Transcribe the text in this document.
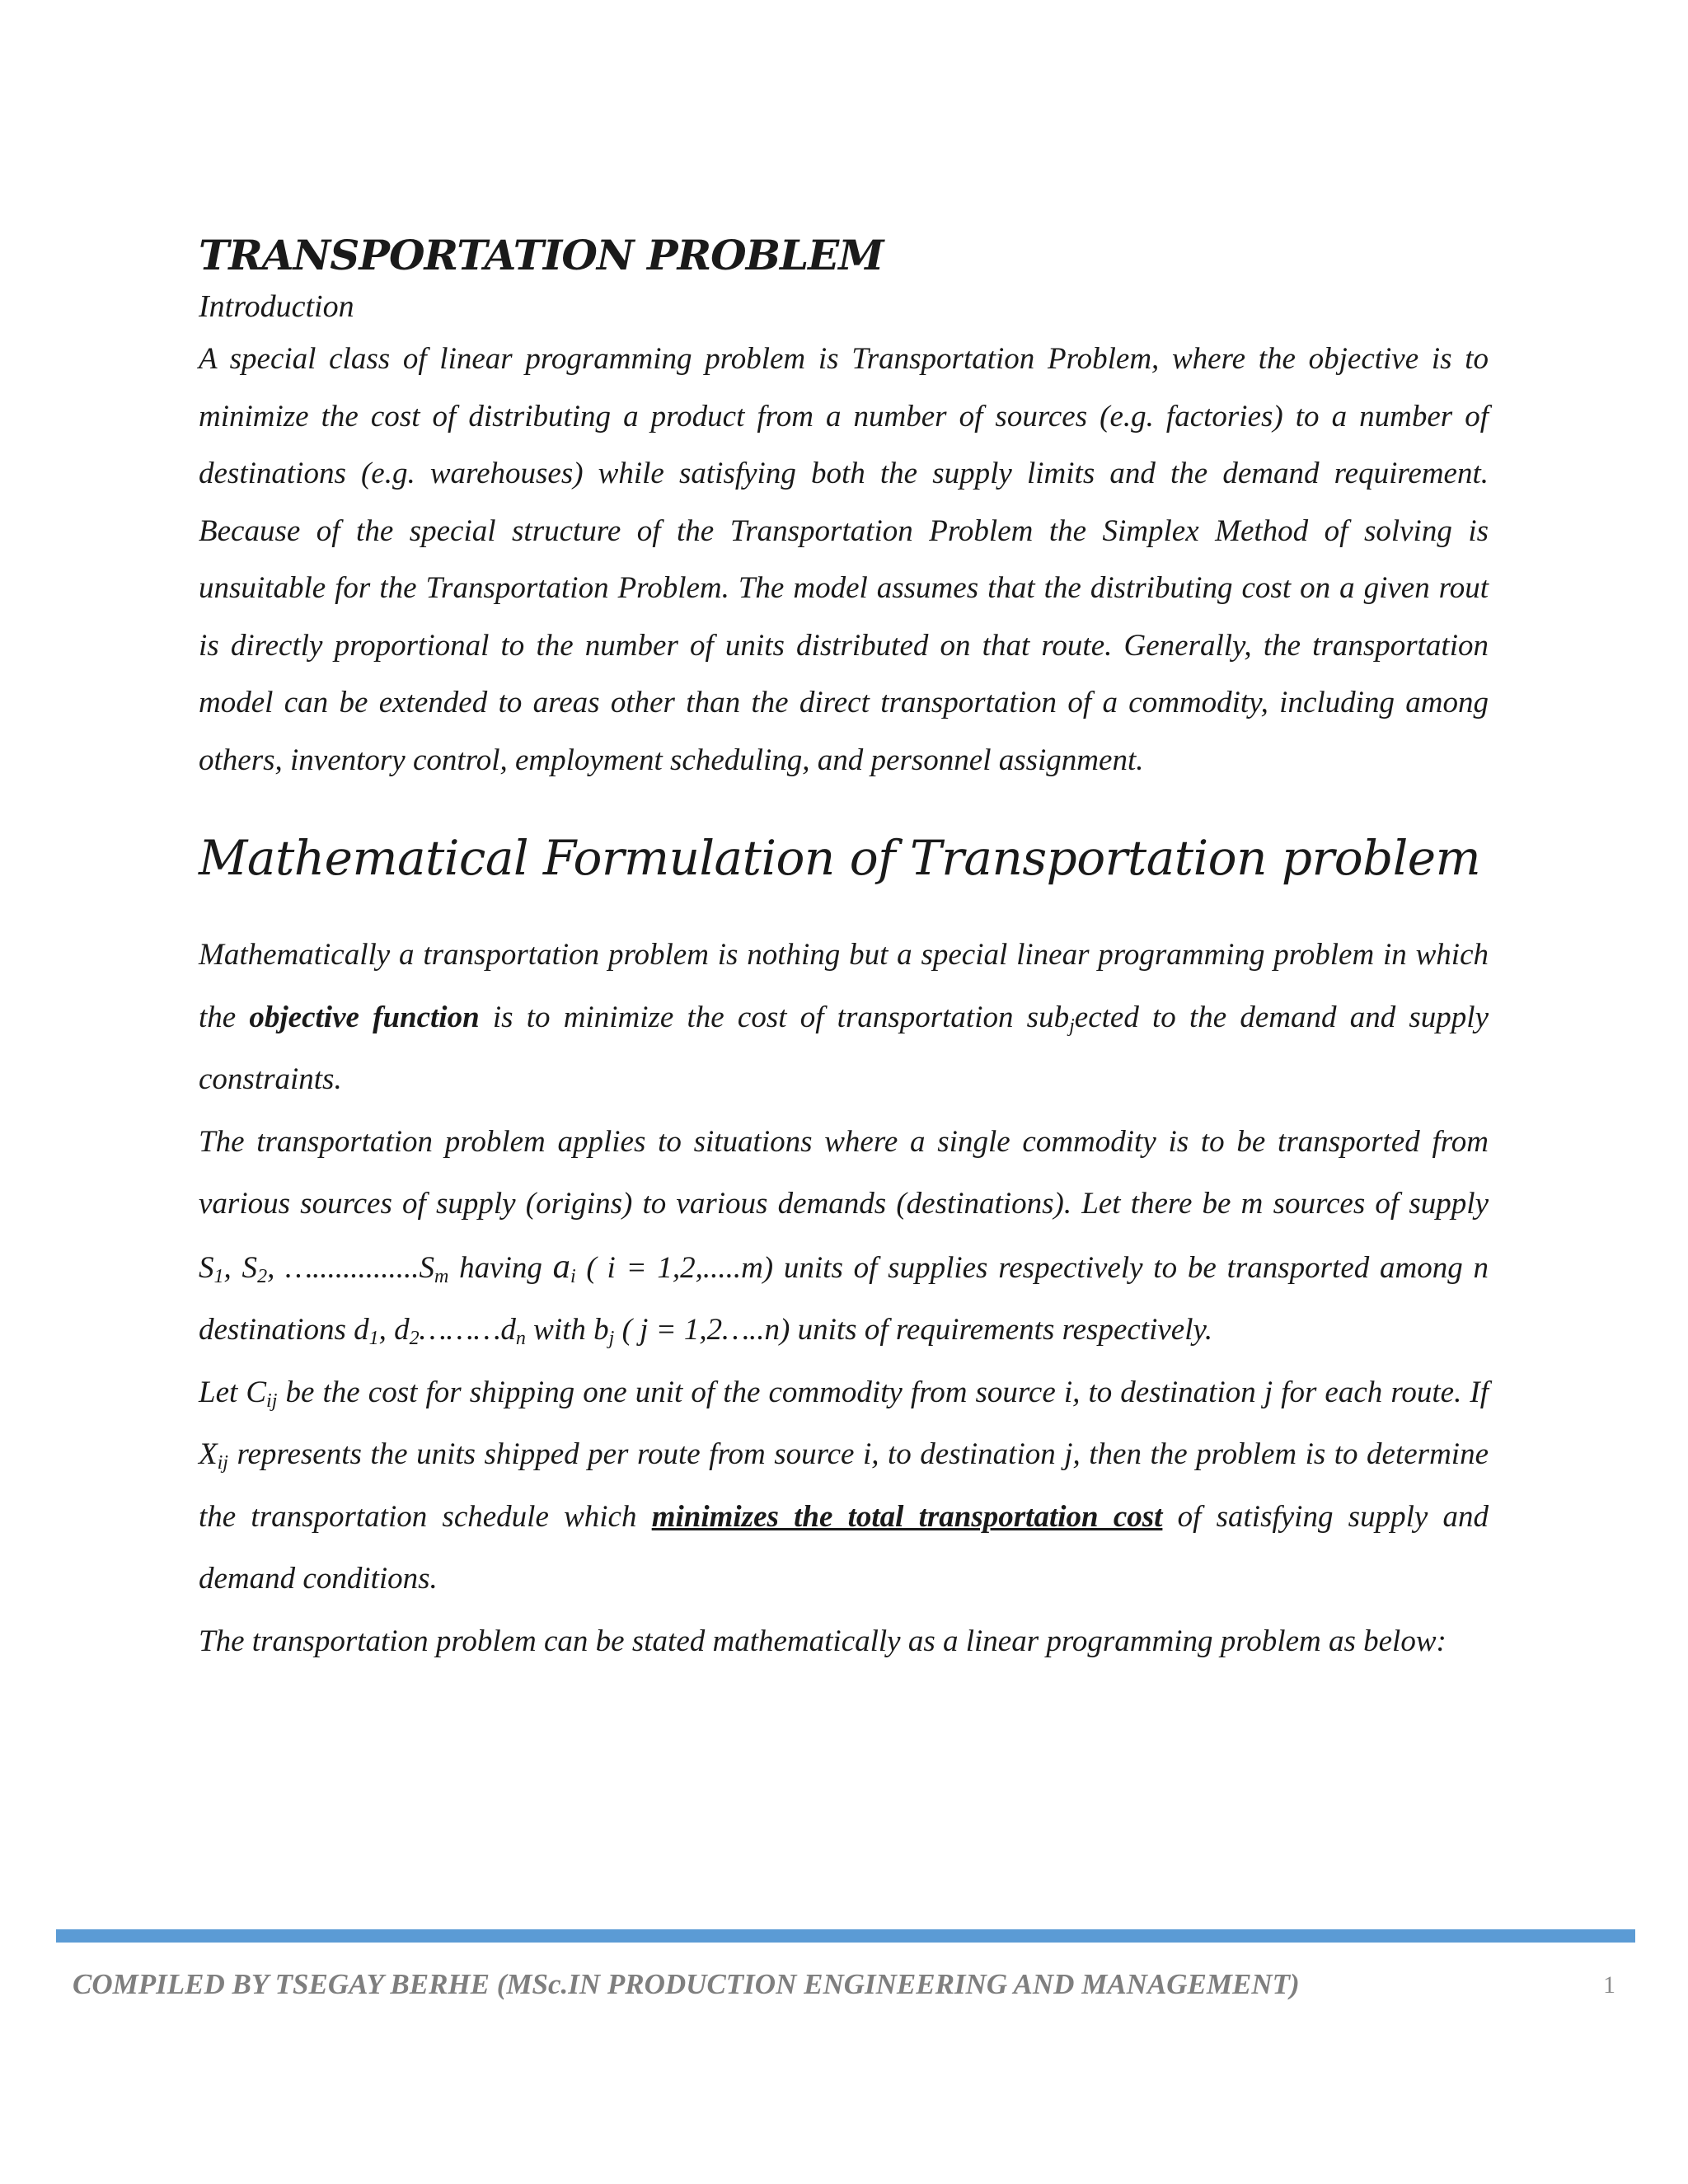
TRANSPORTATION PROBLEM
Introduction

A special class of linear programming problem is Transportation Problem, where the objective is to minimize the cost of distributing a product from a number of sources (e.g. factories) to a number of destinations (e.g. warehouses) while satisfying both the supply limits and the demand requirement. Because of the special structure of the Transportation Problem the Simplex Method of solving is unsuitable for the Transportation Problem. The model assumes that the distributing cost on a given rout is directly proportional to the number of units distributed on that route. Generally, the transportation model can be extended to areas other than the direct transportation of a commodity, including among others, inventory control, employment scheduling, and personnel assignment.

Mathematical Formulation of Transportation problem

Mathematically a transportation problem is nothing but a special linear programming problem in which the objective function is to minimize the cost of transportation sub$_j$ected to the demand and supply constraints.

The transportation problem applies to situations where a single commodity is to be transported from various sources of supply (origins) to various demands (destinations). Let there be m sources of supply $S_1$, $S_2$, $\dots..............S_m$ having $a_i$ ( i = 1,2,.....m) units of supplies respectively to be transported among n destinations $d_1$, $d_2\dots\dots\dots d_n$ with $b_j$ ( j = 1,2…..n) units of requirements respectively.

Let $C_{ij}$ be the cost for shipping one unit of the commodity from source i, to destination j for each route. If $X_{ij}$ represents the units shipped per route from source i, to destination j, then the problem is to determine the transportation schedule which minimizes the total transportation cost of satisfying supply and demand conditions.

The transportation problem can be stated mathematically as a linear programming problem as below:

COMPILED BY TSEGAY BERHE (MSc.IN PRODUCTION ENGINEERING AND MANAGEMENT)	1
